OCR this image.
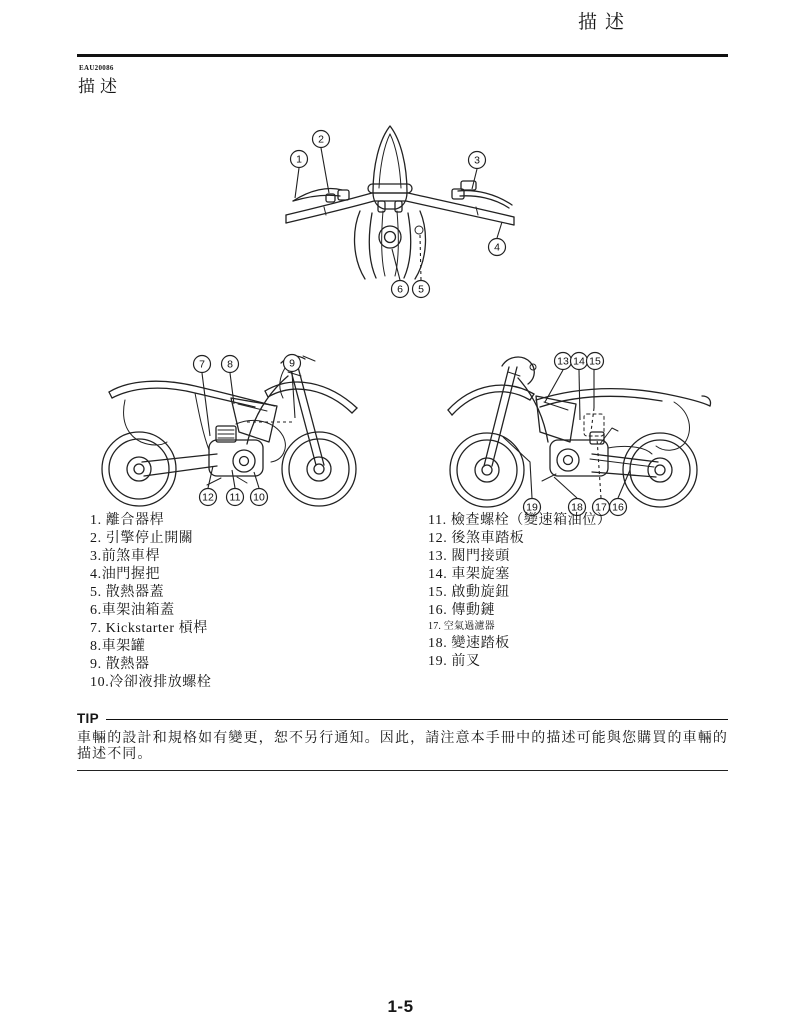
描述
EAU20086
描述
1
2
3
4
5
6
7 8	9
12 11 10
13 14 15
19	18 17 16
1. 離合器桿
2. 引擎停止開關
3.前煞車桿
4.油門握把
5. 散熱器蓋
6.車架油箱蓋
7. Kickstarter 槓桿
8.車架罐
9. 散熱器
10.冷卻液排放螺栓
11. 檢查螺栓（變速箱油位）
12. 後煞車踏板
13. 閥門接頭
14. 車架旋塞
15. 啟動旋鈕
16. 傳動鏈
17. 空氣過濾器
18. 變速踏板
19. 前叉
TIP
車輛的設計和規格如有變更，恕不另行通知。因此，請注意本手冊中的描述可能與您購買的車輛的描述不同。
1-5
